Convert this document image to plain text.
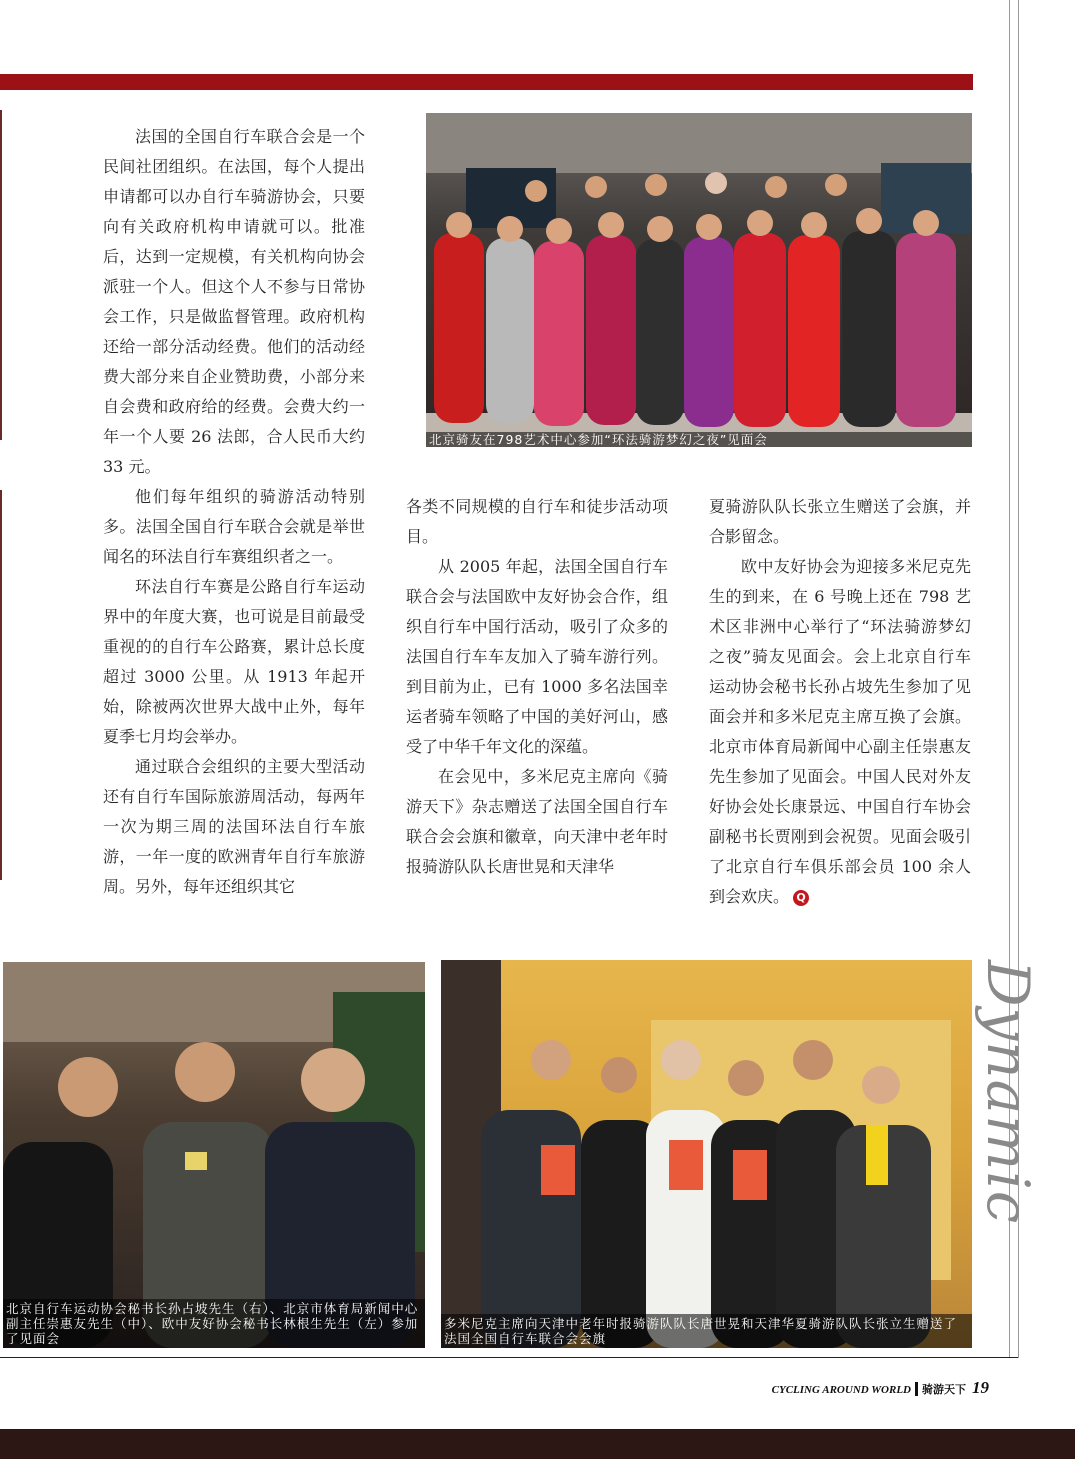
北京骑友在798艺术中心参加“环法骑游梦幻之夜”见面会

法国的全国自行车联合会是一个民间社团组织。在法国，每个人提出申请都可以办自行车骑游协会，只要向有关政府机构申请就可以。批准后，达到一定规模，有关机构向协会派驻一个人。但这个人不参与日常协会工作，只是做监督管理。政府机构还给一部分活动经费。他们的活动经费大部分来自企业赞助费，小部分来自会费和政府给的经费。会费大约一年一个人要 26 法郎，合人民币大约 33 元。

他们每年组织的骑游活动特别多。法国全国自行车联合会就是举世闻名的环法自行车赛组织者之一。

环法自行车赛是公路自行车运动界中的年度大赛，也可说是目前最受重视的的自行车公路赛，累计总长度超过 3000 公里。从 1913 年起开始，除被两次世界大战中止外，每年夏季七月均会举办。

通过联合会组织的主要大型活动还有自行车国际旅游周活动，每两年一次为期三周的法国环法自行车旅游，一年一度的欧洲青年自行车旅游周。另外，每年还组织其它

各类不同规模的自行车和徒步活动项目。

从 2005 年起，法国全国自行车联合会与法国欧中友好协会合作，组织自行车中国行活动，吸引了众多的法国自行车车友加入了骑车游行列。到目前为止，已有 1000 多名法国幸运者骑车领略了中国的美好河山，感受了中华千年文化的深蕴。

在会见中，多米尼克主席向《骑游天下》杂志赠送了法国全国自行车联合会会旗和徽章，向天津中老年时报骑游队队长唐世晃和天津华

夏骑游队队长张立生赠送了会旗，并合影留念。

欧中友好协会为迎接多米尼克先生的到来，在 6 号晚上还在 798 艺术区非洲中心举行了“环法骑游梦幻之夜”骑友见面会。会上北京自行车运动协会秘书长孙占坡先生参加了见面会并和多米尼克主席互换了会旗。北京市体育局新闻中心副主任崇惠友先生参加了见面会。中国人民对外友好协会处长康景远、中国自行车协会副秘书长贾刚到会祝贺。见面会吸引了北京自行车俱乐部会员 100 余人到会欢庆。 Q

北京自行车运动协会秘书长孙占坡先生（右）、北京市体育局新闻中心副主任崇惠友先生（中）、欧中友好协会秘书长林根生先生（左）参加了见面会
多米尼克主席向天津中老年时报骑游队队长唐世晃和天津华夏骑游队队长张立生赠送了法国全国自行车联合会会旗
Dynamic
CYCLING AROUND WORLD 骑游天下 19
